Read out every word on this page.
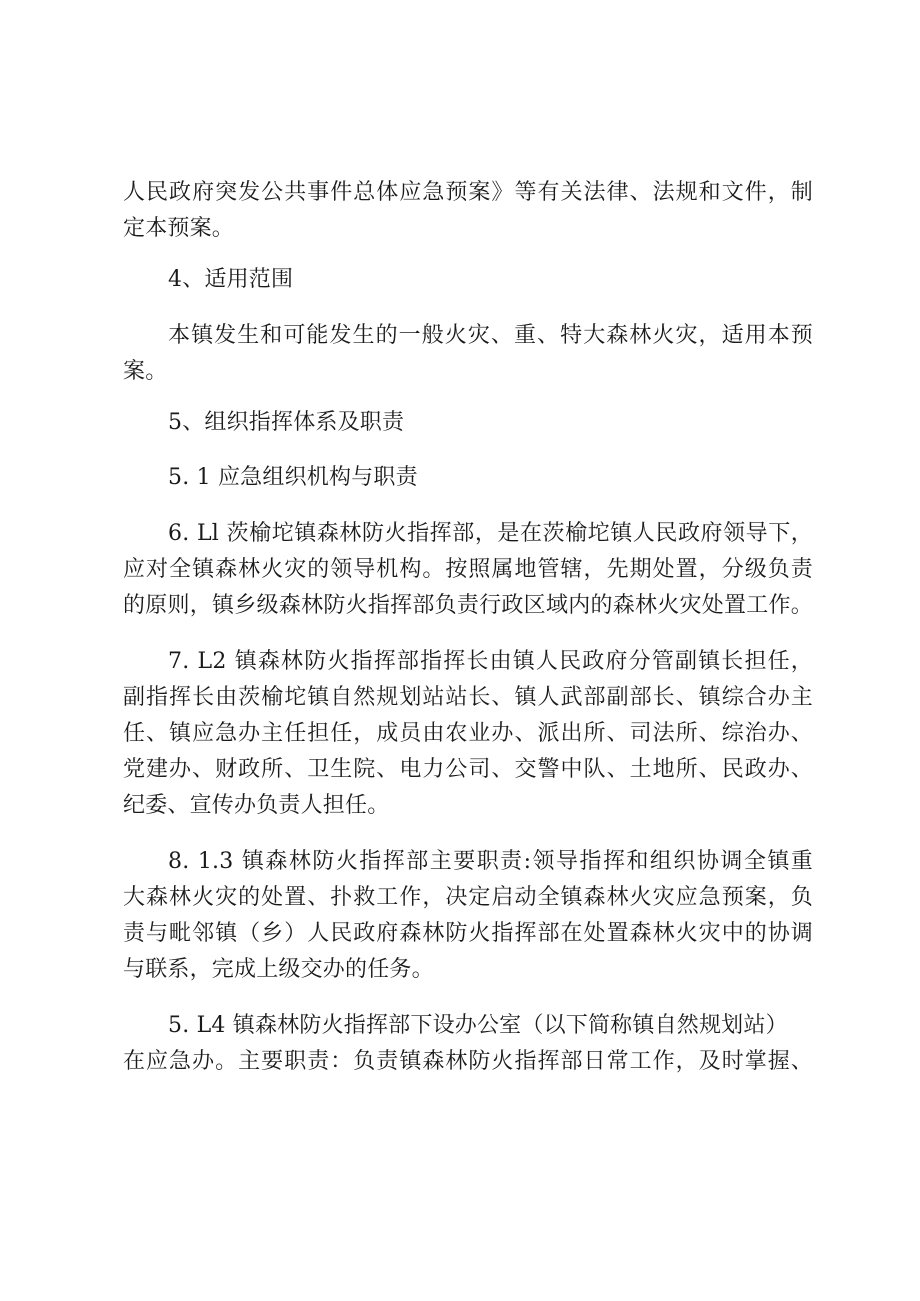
人民政府突发公共事件总体应急预案》等有关法律、法规和文件，制
定本预案。
4、适用范围
本镇发生和可能发生的一般火灾、重、特大森林火灾，适用本预
案。
5、组织指挥体系及职责
5. 1 应急组织机构与职责
6. Ll 茨榆坨镇森林防火指挥部，是在茨榆坨镇人民政府领导下，
应对全镇森林火灾的领导机构。按照属地管辖，先期处置，分级负责
的原则，镇乡级森林防火指挥部负责行政区域内的森林火灾处置工作。
7. L2 镇森林防火指挥部指挥长由镇人民政府分管副镇长担任，
副指挥长由茨榆坨镇自然规划站站长、镇人武部副部长、镇综合办主
任、镇应急办主任担任，成员由农业办、派出所、司法所、综治办、
党建办、财政所、卫生院、电力公司、交警中队、土地所、民政办、
纪委、宣传办负责人担任。
8. 1.3 镇森林防火指挥部主要职责:领导指挥和组织协调全镇重
大森林火灾的处置、扑救工作，决定启动全镇森林火灾应急预案，负
责与毗邻镇（乡）人民政府森林防火指挥部在处置森林火灾中的协调
与联系，完成上级交办的任务。
5. L4 镇森林防火指挥部下设办公室（以下简称镇自然规划站）
在应急办。主要职责：负责镇森林防火指挥部日常工作，及时掌握、
